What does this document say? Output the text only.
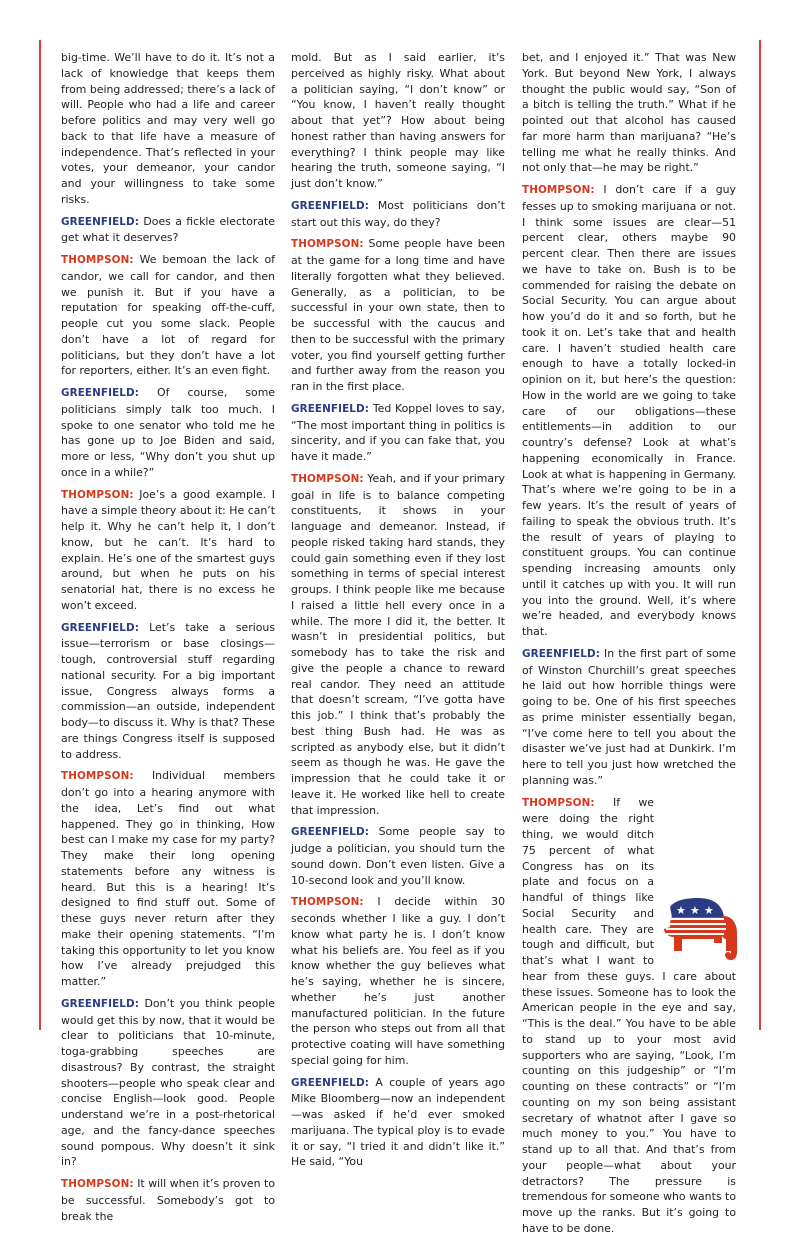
big-time. We’ll have to do it. It’s not a lack of knowledge that keeps them from being addressed; there’s a lack of will. People who had a life and career before politics and may very well go back to that life have a measure of independence. That’s reflected in your votes, your demeanor, your candor and your willingness to take some risks.

GREENFIELD: Does a fickle electorate get what it deserves?

THOMPSON: We bemoan the lack of candor, we call for candor, and then we punish it. But if you have a reputation for speaking off-the-cuff, people cut you some slack. People don’t have a lot of regard for politicians, but they don’t have a lot for reporters, either. It’s an even fight.

GREENFIELD: Of course, some politicians simply talk too much. I spoke to one senator who told me he has gone up to Joe Biden and said, more or less, “Why don’t you shut up once in a while?”

THOMPSON: Joe’s a good example. I have a simple theory about it: He can’t help it. Why he can’t help it, I don’t know, but he can’t. It’s hard to explain. He’s one of the smartest guys around, but when he puts on his senatorial hat, there is no excess he won’t exceed.

GREENFIELD: Let’s take a serious issue—terrorism or base closings—tough, controversial stuff regarding national security. For a big important issue, Congress always forms a commission—an outside, independent body—to discuss it. Why is that? These are things Congress itself is supposed to address.

THOMPSON: Individual members don’t go into a hearing anymore with the idea, Let’s find out what happened. They go in thinking, How best can I make my case for my party? They make their long opening statements before any witness is heard. But this is a hearing! It’s designed to find stuff out. Some of these guys never return after they make their opening statements. “I’m taking this opportunity to let you know how I’ve already prejudged this matter.”

GREENFIELD: Don’t you think people would get this by now, that it would be clear to politicians that 10-minute, toga-grabbing speeches are disastrous? By contrast, the straight shooters—people who speak clear and concise English—look good. People understand we’re in a post-rhetorical age, and the fancy-dance speeches sound pompous. Why doesn’t it sink in?

THOMPSON: It will when it’s proven to be successful. Somebody’s got to break the

mold. But as I said earlier, it’s perceived as highly risky. What about a politician saying, “I don’t know” or “You know, I haven’t really thought about that yet”? How about being honest rather than having answers for everything? I think people may like hearing the truth, someone saying, “I just don’t know.”

GREENFIELD: Most politicians don’t start out this way, do they?

THOMPSON: Some people have been at the game for a long time and have literally forgotten what they believed. Generally, as a politician, to be successful in your own state, then to be successful with the caucus and then to be successful with the primary voter, you find yourself getting further and further away from the reason you ran in the first place.

GREENFIELD: Ted Koppel loves to say, “The most important thing in politics is sincerity, and if you can fake that, you have it made.”

THOMPSON: Yeah, and if your primary goal in life is to balance competing constituents, it shows in your language and demeanor. Instead, if people risked taking hard stands, they could gain something even if they lost something in terms of special interest groups. I think people like me because I raised a little hell every once in a while. The more I did it, the better. It wasn’t in presidential politics, but somebody has to take the risk and give the people a chance to reward real candor. They need an attitude that doesn’t scream, “I’ve gotta have this job.” I think that’s probably the best thing Bush had. He was as scripted as anybody else, but it didn’t seem as though he was. He gave the impression that he could take it or leave it. He worked like hell to create that impression.

GREENFIELD: Some people say to judge a politician, you should turn the sound down. Don’t even listen. Give a 10-second look and you’ll know.

THOMPSON: I decide within 30 seconds whether I like a guy. I don’t know what party he is. I don’t know what his beliefs are. You feel as if you know whether the guy believes what he’s saying, whether he is sincere, whether he’s just another manufactured politician. In the future the person who steps out from all that protective coating will have something special going for him.

GREENFIELD: A couple of years ago Mike Bloomberg—now an independent—was asked if he’d ever smoked marijuana. The typical ploy is to evade it or say, “I tried it and didn’t like it.” He said, “You

bet, and I enjoyed it.” That was New York. But beyond New York, I always thought the public would say, “Son of a bitch is telling the truth.” What if he pointed out that alcohol has caused far more harm than marijuana? “He’s telling me what he really thinks. And not only that—he may be right.”

THOMPSON: I don’t care if a guy fesses up to smoking marijuana or not. I think some issues are clear—51 percent clear, others maybe 90 percent clear. Then there are issues we have to take on. Bush is to be commended for raising the debate on Social Security. You can argue about how you’d do it and so forth, but he took it on. Let’s take that and health care. I haven’t studied health care enough to have a totally locked-in opinion on it, but here’s the question: How in the world are we going to take care of our obligations—these entitlements—in addition to our country’s defense? Look at what’s happening economically in France. Look at what is happening in Germany. That’s where we’re going to be in a few years. It’s the result of years of failing to speak the obvious truth. It’s the result of years of playing to constituent groups. You can continue spending increasing amounts only until it catches up with you. It will run you into the ground. Well, it’s where we’re headed, and everybody knows that.

GREENFIELD: In the first part of some of Winston Churchill’s great speeches he laid out how horrible things were going to be. One of his first speeches as prime minister essentially began, “I’ve come here to tell you about the disaster we’ve just had at Dunkirk. I’m here to tell you just how wretched the planning was.”

★ ★ ★
THOMPSON: If we were doing the right thing, we would ditch 75 percent of what Congress has on its plate and focus on a handful of things like Social Security and health care. They are tough and difficult, but that’s what I want to hear from these guys. I care about these issues. Someone has to look the American people in the eye and say, “This is the deal.” You have to be able to stand up to your most avid supporters who are saying, “Look, I’m counting on this judgeship” or “I’m counting on these contracts” or “I’m counting on my son being assistant secretary of whatnot after I gave so much money to you.” You have to stand up to all that. And that’s from your people—what about your detractors? The pressure is tremendous for someone who wants to move up the ranks. But it’s going to have to be done.
